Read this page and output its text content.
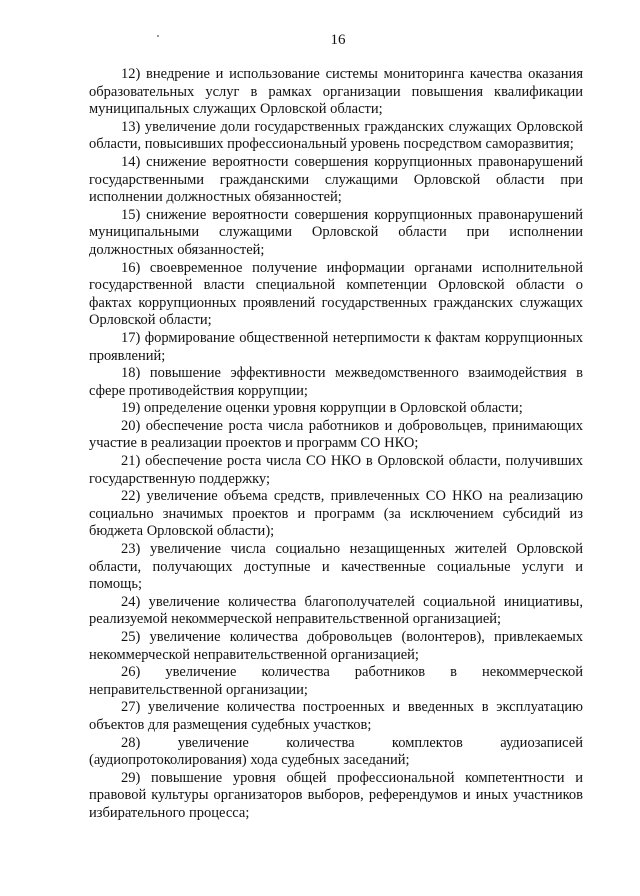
16

12) внедрение и использование системы мониторинга качества оказания образовательных услуг в рамках организации повышения квалификации муниципальных служащих Орловской области;

13) увеличение доли государственных гражданских служащих Орловской области, повысивших профессиональный уровень посредством саморазвития;

14) снижение вероятности совершения коррупционных правонарушений государственными гражданскими служащими Орловской области при исполнении должностных обязанностей;

15) снижение вероятности совершения коррупционных правонарушений муниципальными служащими Орловской области при исполнении должностных обязанностей;

16) своевременное получение информации органами исполнительной государственной власти специальной компетенции Орловской области о фактах коррупционных проявлений государственных гражданских служащих Орловской области;

17) формирование общественной нетерпимости к фактам коррупционных проявлений;

18) повышение эффективности межведомственного взаимодействия в сфере противодействия коррупции;

19) определение оценки уровня коррупции в Орловской области;

20) обеспечение роста числа работников и добровольцев, принимающих участие в реализации проектов и программ СО НКО;

21) обеспечение роста числа СО НКО в Орловской области, получивших государственную поддержку;

22) увеличение объема средств, привлеченных СО НКО на реализацию социально значимых проектов и программ (за исключением субсидий из бюджета Орловской области);

23) увеличение числа социально незащищенных жителей Орловской области, получающих доступные и качественные социальные услуги и помощь;

24) увеличение количества благополучателей социальной инициативы, реализуемой некоммерческой неправительственной организацией;

25) увеличение количества добровольцев (волонтеров), привлекаемых некоммерческой неправительственной организацией;

26) увеличение количества работников в некоммерческой неправительственной организации;

27) увеличение количества построенных и введенных в эксплуатацию объектов для размещения судебных участков;

28) увеличение количества комплектов аудиозаписей (аудиопротоколирования) хода судебных заседаний;

29) повышение уровня общей профессиональной компетентности и правовой культуры организаторов выборов, референдумов и иных участников избирательного процесса;
